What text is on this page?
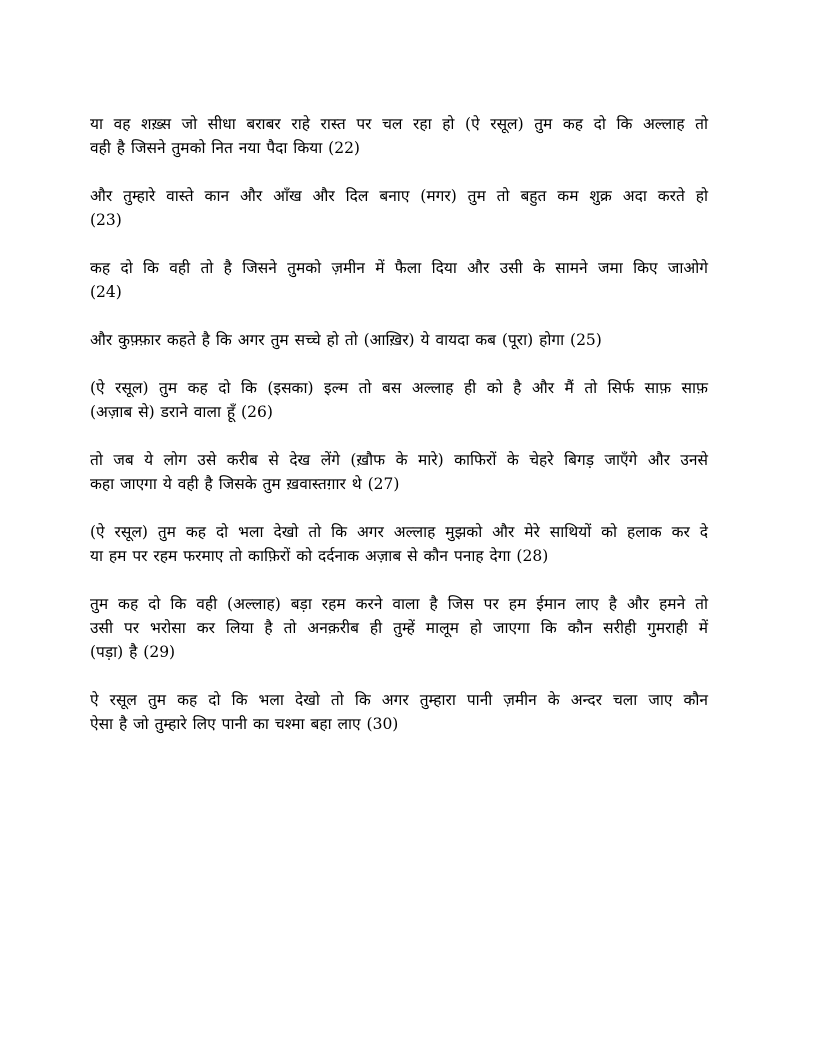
या वह शख़्स जो सीधा बराबर राहे रास्त पर चल रहा हो (ऐ रसूल) तुम कह दो कि अल्लाह तो
वही है जिसने तुमको नित नया पैदा किया (22)
और तुम्हारे वास्ते कान और आँख और दिल बनाए (मगर) तुम तो बहुत कम शुक्र अदा करते हो
(23)
कह दो कि वही तो है जिसने तुमको ज़मीन में फैला दिया और उसी के सामने जमा किए जाओगे
(24)
और कुफ़्फ़ार कहते है कि अगर तुम सच्चे हो तो (आख़िर) ये वायदा कब (पूरा) होगा (25)
(ऐ रसूल) तुम कह दो कि (इसका) इल्म तो बस अल्लाह ही को है और मैं तो सिर्फ साफ़ साफ़
(अज़ाब से) डराने वाला हूँ (26)
तो जब ये लोग उसे करीब से देख लेंगे (ख़ौफ के मारे) काफिरों के चेहरे बिगड़ जाएँगे और उनसे
कहा जाएगा ये वही है जिसके तुम ख़वास्तग़ार थे (27)
(ऐ रसूल) तुम कह दो भला देखो तो कि अगर अल्लाह मुझको और मेरे साथियों को हलाक कर दे
या हम पर रहम फरमाए तो काफ़िरों को दर्दनाक अज़ाब से कौन पनाह देगा (28)
तुम कह दो कि वही (अल्लाह) बड़ा रहम करने वाला है जिस पर हम ईमान लाए है और हमने तो
उसी पर भरोसा कर लिया है तो अनक़रीब ही तुम्हें मालूम हो जाएगा कि कौन सरीही गुमराही में
(पड़ा) है (29)
ऐ रसूल तुम कह दो कि भला देखो तो कि अगर तुम्हारा पानी ज़मीन के अन्दर चला जाए कौन
ऐसा है जो तुम्हारे लिए पानी का चश्मा बहा लाए (30)
